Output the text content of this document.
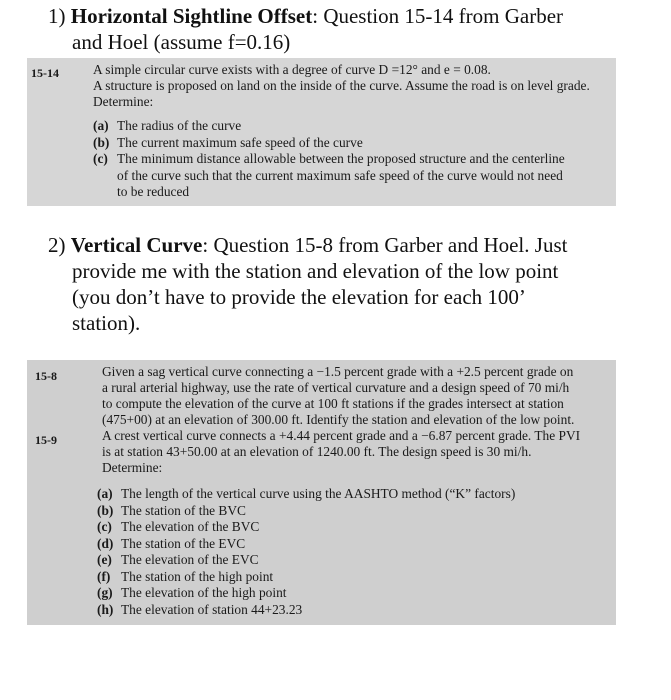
1) Horizontal Sightline Offset: Question 15-14 from Garber
and Hoel (assume f=0.16)
15-14	A simple circular curve exists with a degree of curve D =12° and e = 0.08.
A structure is proposed on land on the inside of the curve. Assume the road is on level grade.
Determine:
(a) The radius of the curve
(b) The current maximum safe speed of the curve
(c) The minimum distance allowable between the proposed structure and the centerline
of the curve such that the current maximum safe speed of the curve would not need
to be reduced
2) Vertical Curve: Question 15-8 from Garber and Hoel. Just
provide me with the station and elevation of the low point
(you don’t have to provide the elevation for each 100’
station).
15-8	Given a sag vertical curve connecting a −1.5 percent grade with a +2.5 percent grade on
a rural arterial highway, use the rate of vertical curvature and a design speed of 70 mi/h
to compute the elevation of the curve at 100 ft stations if the grades intersect at station
(475+00) at an elevation of 300.00 ft. Identify the station and elevation of the low point.
15-9	A crest vertical curve connects a +4.44 percent grade and a −6.87 percent grade. The PVI
is at station 43+50.00 at an elevation of 1240.00 ft. The design speed is 30 mi/h.
Determine:
(a) The length of the vertical curve using the AASHTO method (“K” factors)
(b) The station of the BVC
(c) The elevation of the BVC
(d) The station of the EVC
(e) The elevation of the EVC
(f) The station of the high point
(g) The elevation of the high point
(h) The elevation of station 44+23.23
